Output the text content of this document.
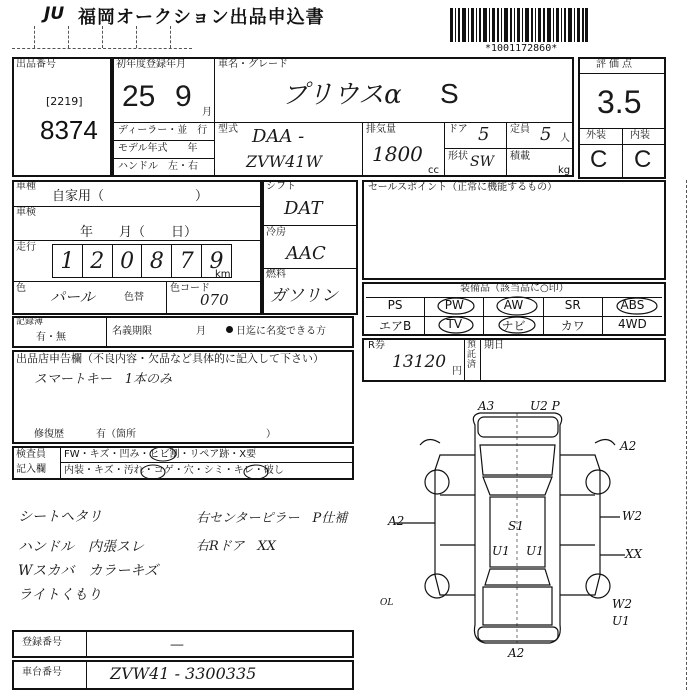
JU 福岡オークション出品申込書
*1001172860*
出品番号
[2219]
8374
初年度登録年月
25 9 月
ディーラー・並　行
モデル年式　　年
ハンドル　左・右
車名・グレード
プリウスα S
型式 DAA -
ZVW41W
排気量
1800
cc
ドア 5
形状 SW
定員 5 人
積載
kg
評価点
3.5
外装 内装
C C
車種
自家用（　　　　　　　）
車検
年　　月（　　日）
走行
1 2 0 8 7 9
km
色 パール	色替
色コード
070
シフト
DAT
冷房
AAC
燃料
ガソリン
セールスポイント（正常に機能するもの）
装備品（該当品に○印）
PS	PW	AW	SR	ABS
エアB	TV	ナビ	カワ	4WD
記録簿
有・無
名義期限	月	日迄に名変できる方
R券
13120 円
預託済
期日
出品店申告欄（不良内容・欠品など具体的に記入して下さい）
スマートキー　1本のみ
修復歴	有（箇所　　　　　　　　　　　　　）
検査員
記入欄
FW・キズ・凹み・ヒビ割・リペア跡・X要
内装・キズ・汚れ・コゲ・穴・シミ・キレ・破し
シートヘタリ
ハンドル　内張スレ
Wスカバ　カラーキズ
ライトくもり
右センターピラー　P仕補
右Rドア　XX
A3	U2 P
A2
A2	W2
XX
W2
U1
S1
U1 U1
A2
OL
登録番号	—
車台番号	ZVW41 - 3300335
